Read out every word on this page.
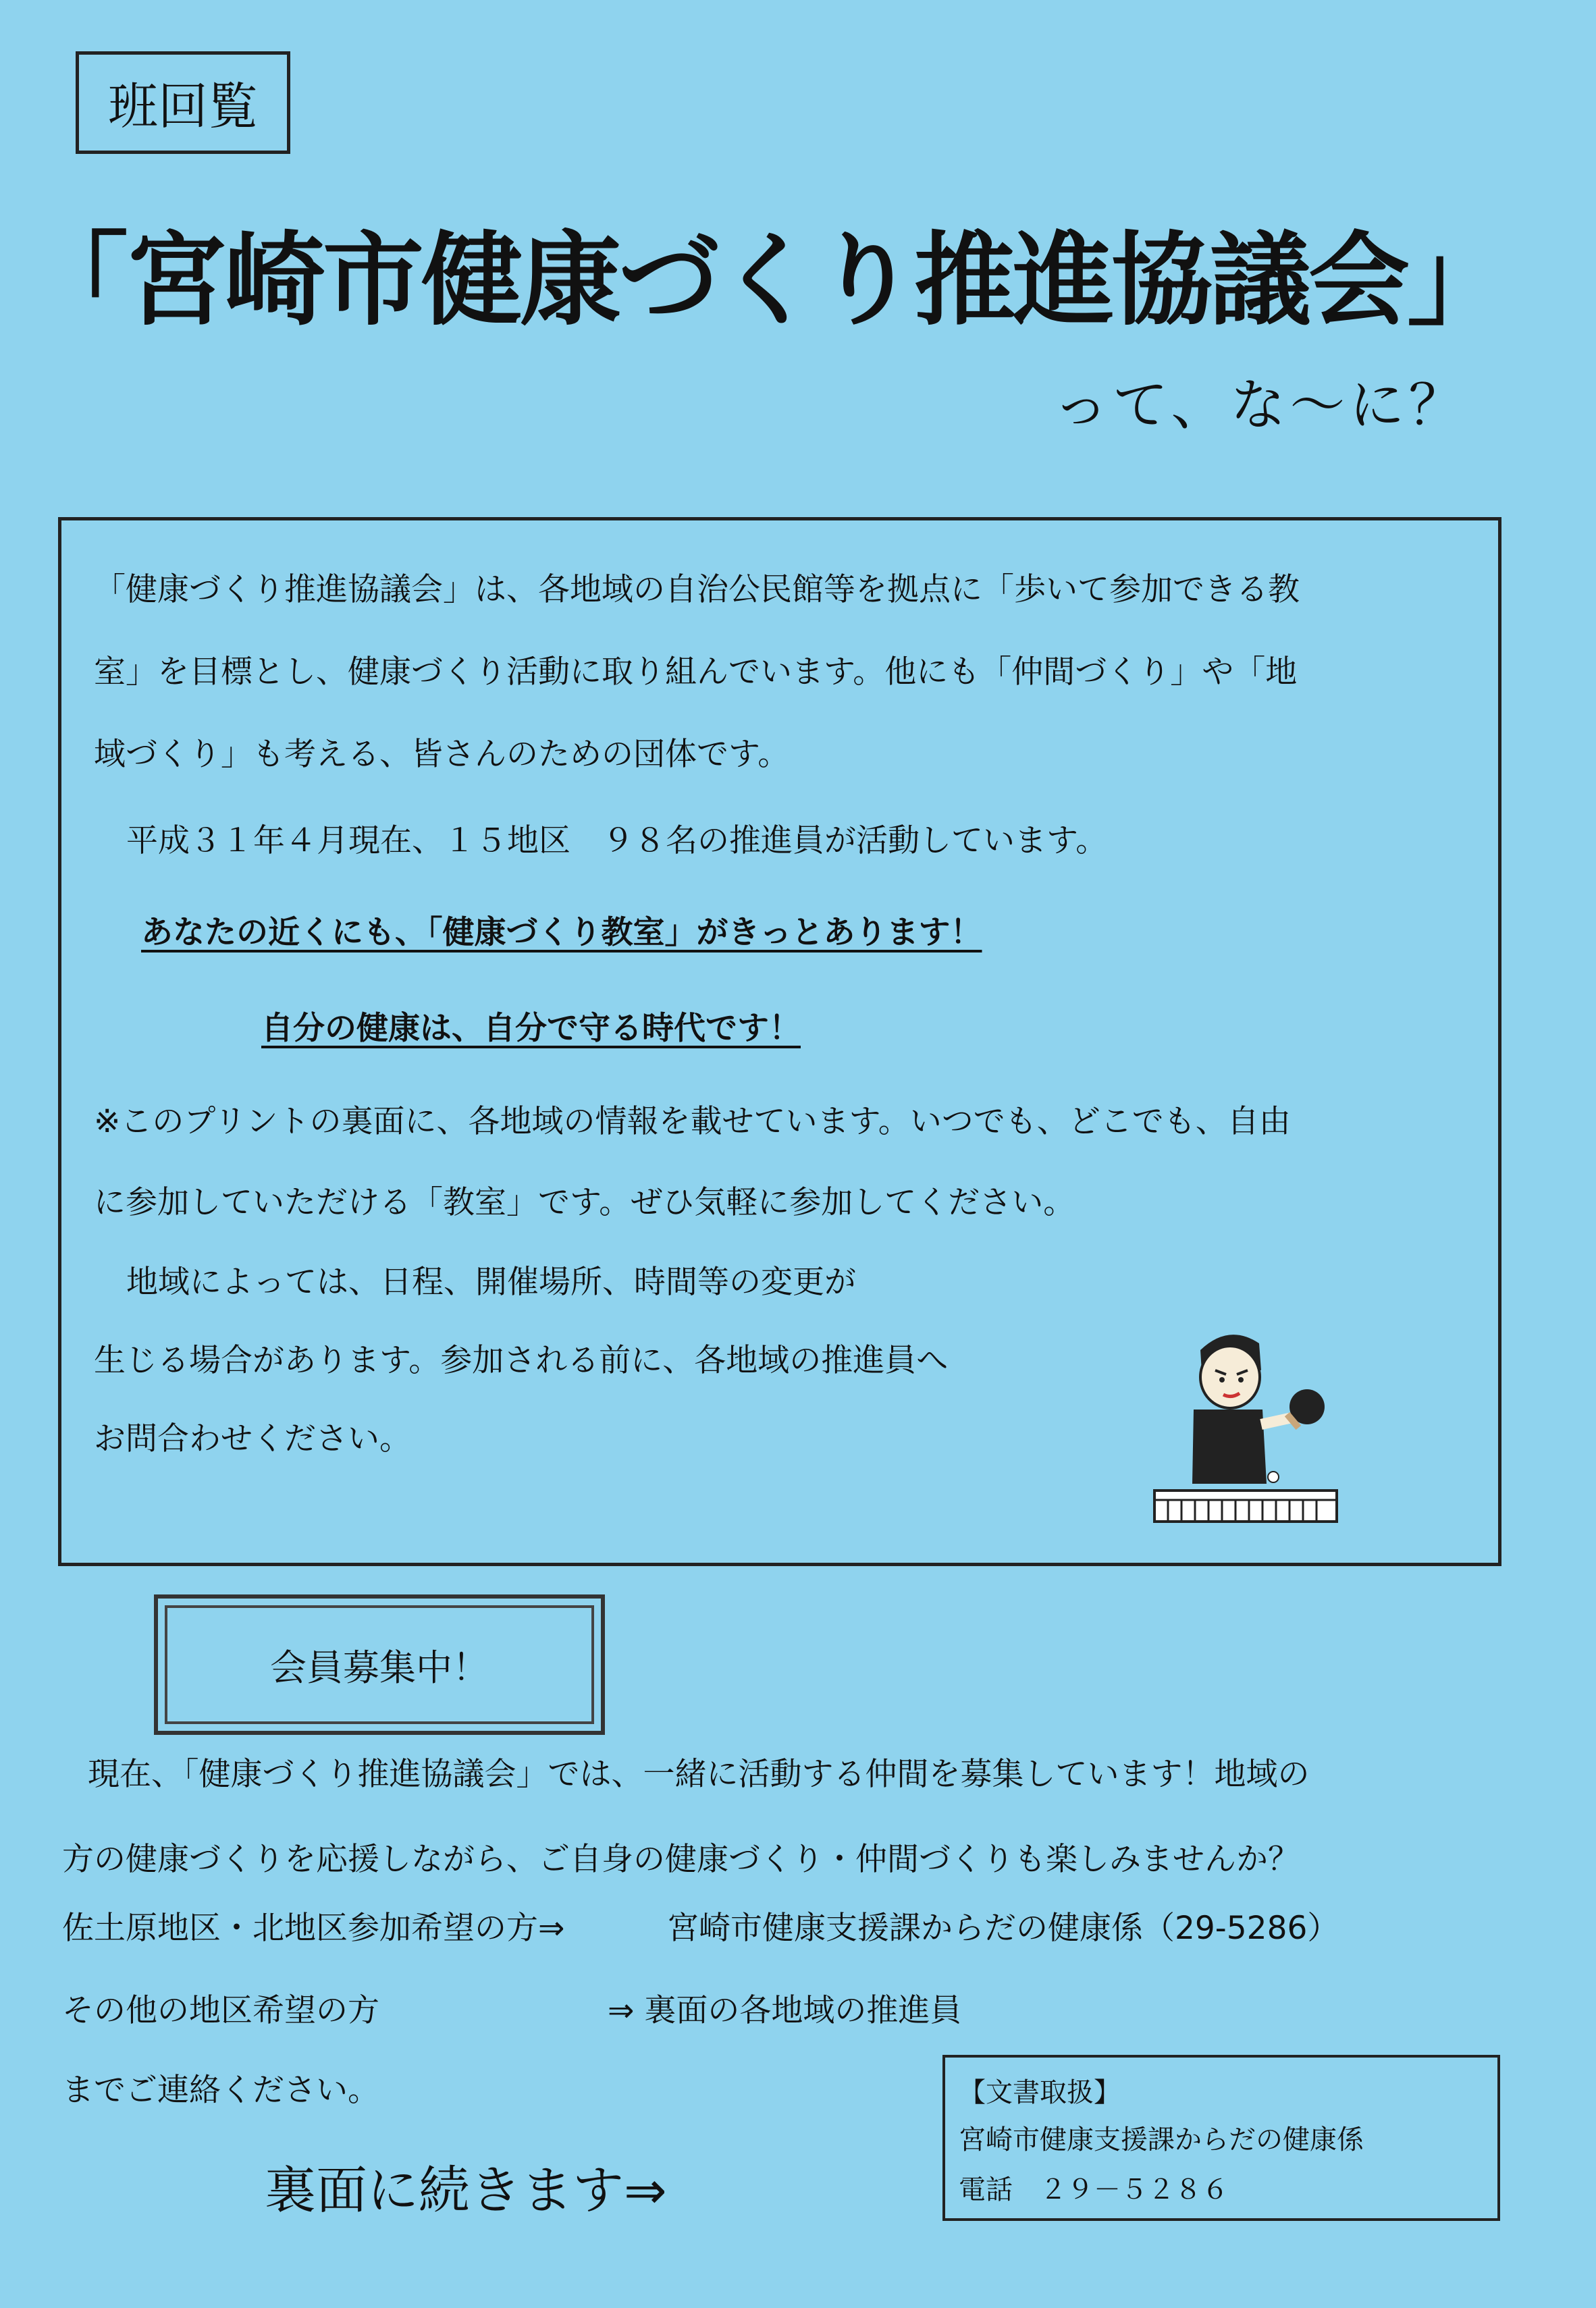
班回覧
「宮崎市健康づくり推進協議会」
って、な～に？
「健康づくり推進協議会」は、各地域の自治公民館等を拠点に「歩いて参加できる教
室」を目標とし、健康づくり活動に取り組んでいます。他にも「仲間づくり」や「地
域づくり」も考える、皆さんのための団体です。
平成３１年４月現在、１５地区　９８名の推進員が活動しています。
あなたの近くにも、「健康づくり教室」がきっとあります！
自分の健康は、自分で守る時代です！
※このプリントの裏面に、各地域の情報を載せています。いつでも、どこでも、自由
に参加していただける「教室」です。ぜひ気軽に参加してください。
地域によっては、日程、開催場所、時間等の変更が
生じる場合があります。参加される前に、各地域の推進員へ
お問合わせください。
会員募集中！
現在、「健康づくり推進協議会」では、一緒に活動する仲間を募集しています！地域の
方の健康づくりを応援しながら、ご自身の健康づくり・仲間づくりも楽しみませんか？
佐土原地区・北地区参加希望の方⇒	宮崎市健康支援課からだの健康係（29-5286）
その他の地区希望の方	⇒ 裏面の各地域の推進員
までご連絡ください。	【文書取扱】
宮崎市健康支援課からだの健康係
電話　２９－５２８６
裏面に続きます⇒
